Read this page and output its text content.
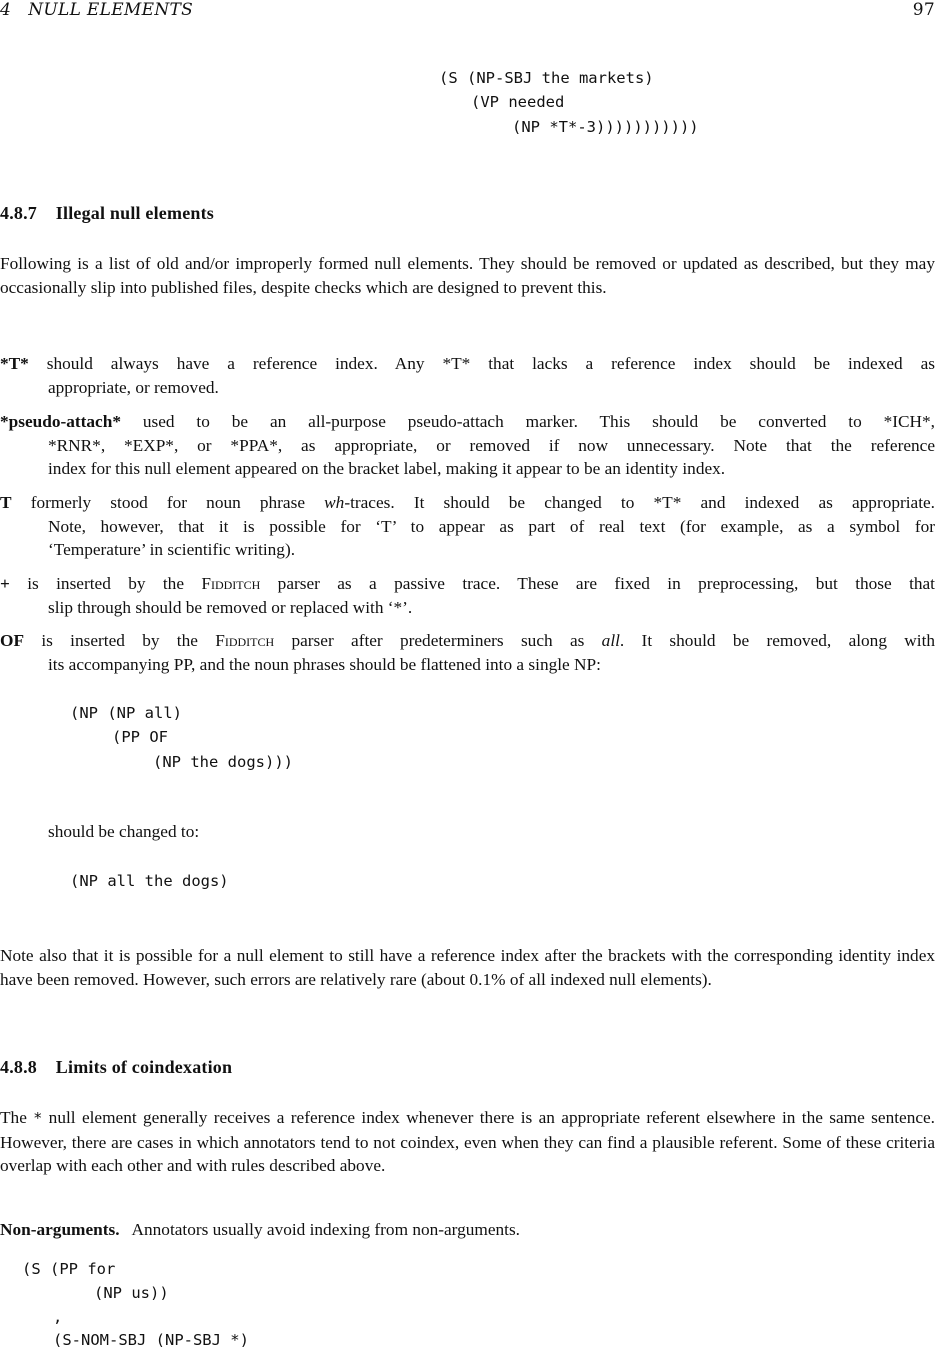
4   NULL ELEMENTS	97
(S (NP-SBJ the markets)
(VP needed
(NP *T*-3)))))))))))
4.8.7    Illegal null elements
Following is a list of old and/or improperly formed null elements. They should be removed or updated as described, but they may occasionally slip into published files, despite checks which are designed to prevent this.
*T* should always have a reference index. Any *T* that lacks a reference index should be indexed as
appropriate, or removed.
*pseudo-attach* used to be an all-purpose pseudo-attach marker. This should be converted to *ICH*,
*RNR*, *EXP*, or *PPA*, as appropriate, or removed if now unnecessary. Note that the reference
index for this null element appeared on the bracket label, making it appear to be an identity index.
T formerly stood for noun phrase wh-traces. It should be changed to *T* and indexed as appropriate.
Note, however, that it is possible for ‘T’ to appear as part of real text (for example, as a symbol for
‘Temperature’ in scientific writing).
+ is inserted by the Fidditch parser as a passive trace. These are fixed in preprocessing, but those that
slip through should be removed or replaced with ‘*’.
OF is inserted by the Fidditch parser after predeterminers such as all. It should be removed, along with
its accompanying PP, and the noun phrases should be flattened into a single NP:
(NP (NP all)
(PP OF
(NP the dogs)))
should be changed to:
(NP all the dogs)
Note also that it is possible for a null element to still have a reference index after the brackets with the corresponding identity index have been removed. However, such errors are relatively rare (about 0.1% of all indexed null elements).
4.8.8    Limits of coindexation
The * null element generally receives a reference index whenever there is an appropriate referent elsewhere in the same sentence. However, there are cases in which annotators tend to not coindex, even when they can find a plausible referent. Some of these criteria overlap with each other and with rules described above.
Non-arguments. Annotators usually avoid indexing from non-arguments.
(S (PP for
(NP us))
,
(S-NOM-SBJ (NP-SBJ *)
